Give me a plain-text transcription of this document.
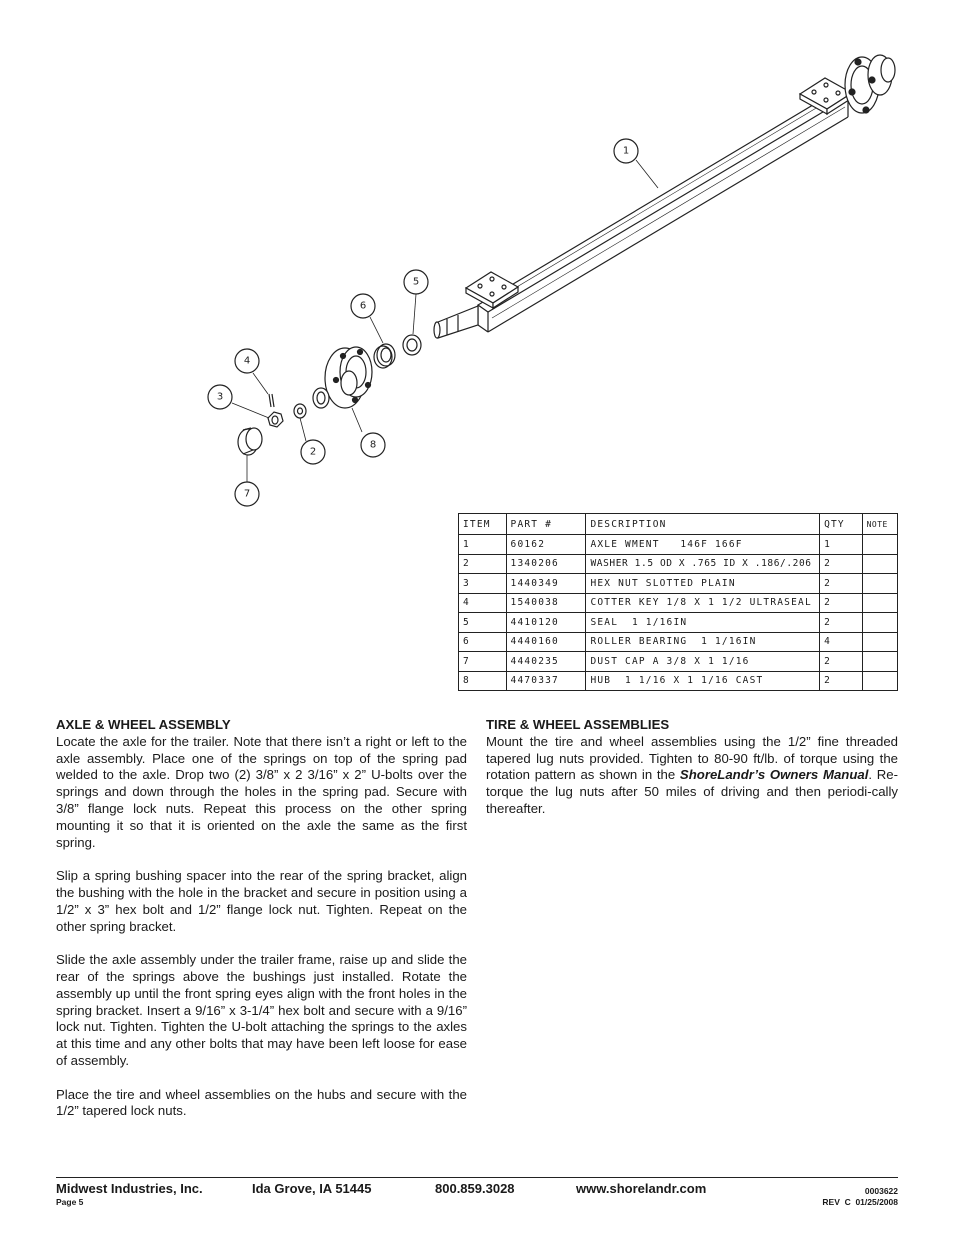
1
5
6
4
3
2
8
7
ITEM	PART #	DESCRIPTION	QTY	NOTE
1	60162	AXLE WMENT   146F 166F	1	
2	1340206	WASHER 1.5 OD X .765 ID X .186/.206	2	
3	1440349	HEX NUT SLOTTED PLAIN	2	
4	1540038	COTTER KEY 1/8 X 1 1/2 ULTRASEAL	2	
5	4410120	SEAL  1 1/16IN	2	
6	4440160	ROLLER BEARING  1 1/16IN	4	
7	4440235	DUST CAP A 3/8 X 1 1/16	2	
8	4470337	HUB  1 1/16 X 1 1/16 CAST	2	
AXLE & WHEEL ASSEMBLY

Locate the axle for the trailer. Note that there isn’t a right or left to the axle assembly. Place one of the springs on top of the spring pad welded to the axle. Drop two (2) 3/8” x 2 3/16” x 2” U-bolts over the springs and down through the holes in the spring pad. Secure with 3/8” flange lock nuts. Repeat this process on the other spring mounting it so that it is oriented on the axle the same as the first spring.

Slip a spring bushing spacer into the rear of the spring bracket, align the bushing with the hole in the bracket and secure in position using a 1/2” x 3” hex bolt and 1/2” flange lock nut. Tighten. Repeat on the other spring bracket.

Slide the axle assembly under the trailer frame, raise up and slide the rear of the springs above the bushings just installed. Rotate the assembly up until the front spring eyes align with the front holes in the spring bracket. Insert a 9/16” x 3-1/4” hex bolt and secure with a 9/16” lock nut. Tighten. Tighten the U-bolt attaching the springs to the axles at this time and any other bolts that may have been left loose for ease of assembly.

Place the tire and wheel assemblies on the hubs and secure with the 1/2” tapered lock nuts.

TIRE & WHEEL ASSEMBLIES

Mount the tire and wheel assemblies using the 1/2” fine threaded tapered lug nuts provided. Tighten to 80-90 ft/lb. of torque using the rotation pattern as shown in the ShoreLandr’s Owners Manual. Re-torque the lug nuts after 50 miles of driving and then periodi-cally thereafter.

Midwest Industries, Inc.	Ida Grove, IA 51445	800.859.3028	www.shorelandr.com
Page 5
0003622
REV  C  01/25/2008
